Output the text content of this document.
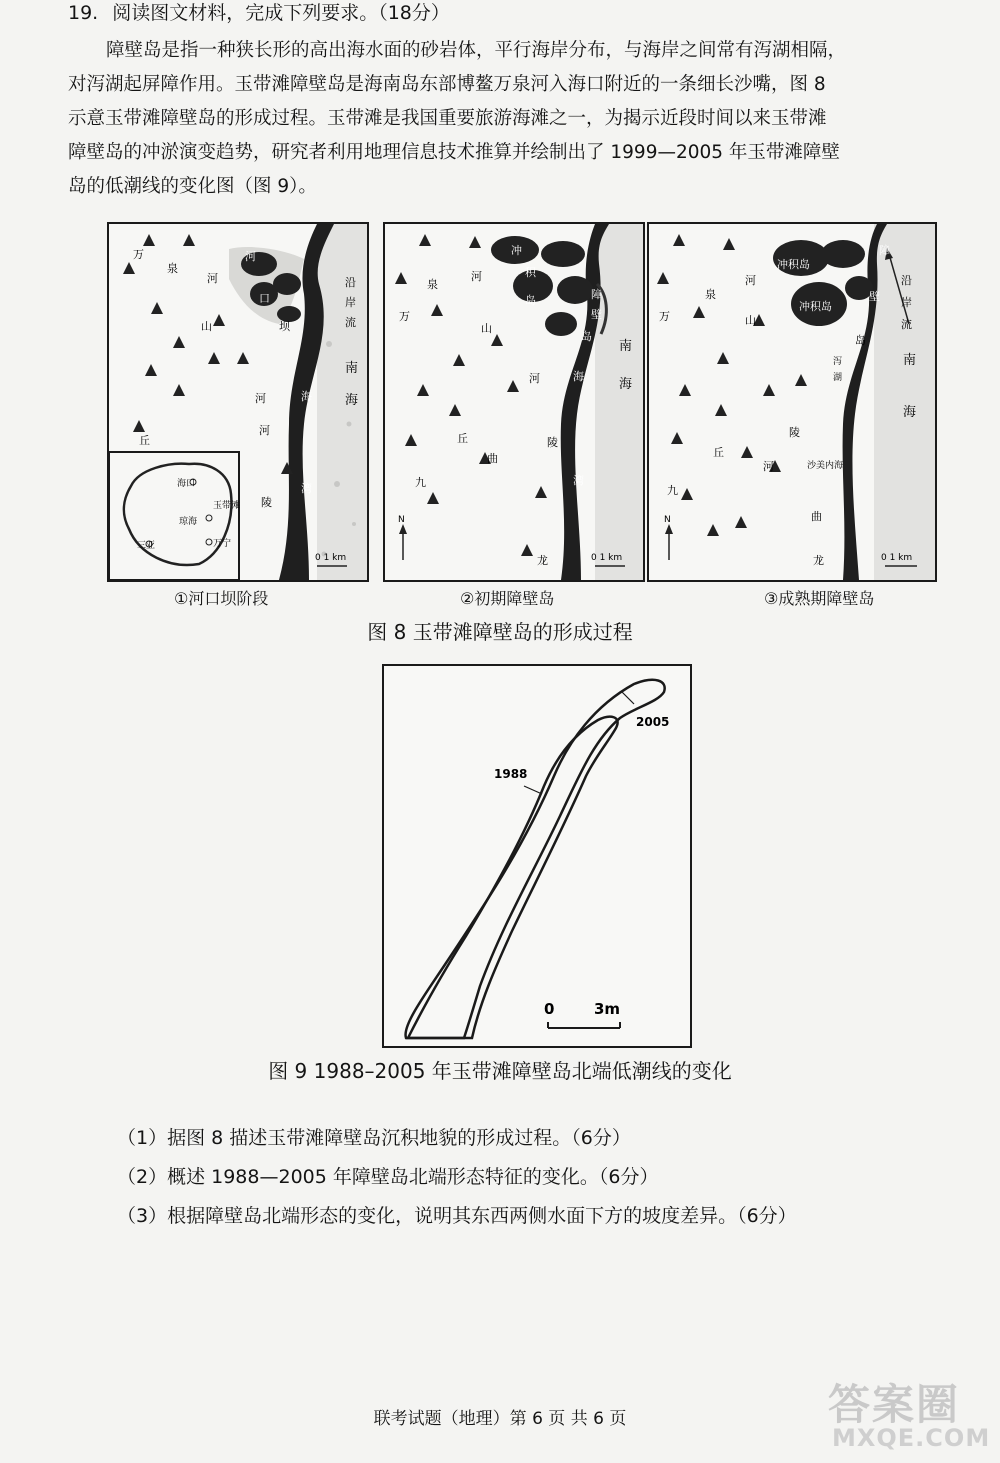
19. 阅读图文材料，完成下列要求。（18分）
障壁岛是指一种狭长形的高出海水面的砂岩体，平行海岸分布，与海岸之间常有泻湖相隔，
对泻湖起屏障作用。玉带滩障壁岛是海南岛东部博鳌万泉河入海口附近的一条细长沙嘴，图 8
示意玉带滩障壁岛的形成过程。玉带滩是我国重要旅游海滩之一，为揭示近段时间以来玉带滩
障壁岛的冲淤演变趋势，研究者利用地理信息技术推算并绘制出了 1999—2005 年玉带滩障壁
岛的低潮线的变化图（图 9）。
万
泉
河
山
河
河
丘
陵
河
口
坝
沿
岸
流
南
海
海
湾
海口
琼海
三亚	万宁
玉带滩
0 1 km
万
泉
山
河
丘	陵
河
曲
九
龙
冲
积
岛	障
壁
岛
南
海
海
湾
N
0 1 km
万
泉
河
山
丘
陵
河
曲
九
龙
沙美内海
冲积岛
冲积岛
障
壁
岛
沿
岸
流
南
海
泻
湖
N
0 1 km
①河口坝阶段	②初期障壁岛	③成熟期障壁岛
图 8 玉带滩障壁岛的形成过程
2005
1988
0	3m
图 9 1988–2005 年玉带滩障壁岛北端低潮线的变化
（1）据图 8 描述玉带滩障壁岛沉积地貌的形成过程。（6分）
（2）概述 1988—2005 年障壁岛北端形态特征的变化。（6分）
（3）根据障壁岛北端形态的变化，说明其东西两侧水面下方的坡度差异。（6分）
联考试题（地理）第 6 页 共 6 页	答案圈
MXQE.COM
